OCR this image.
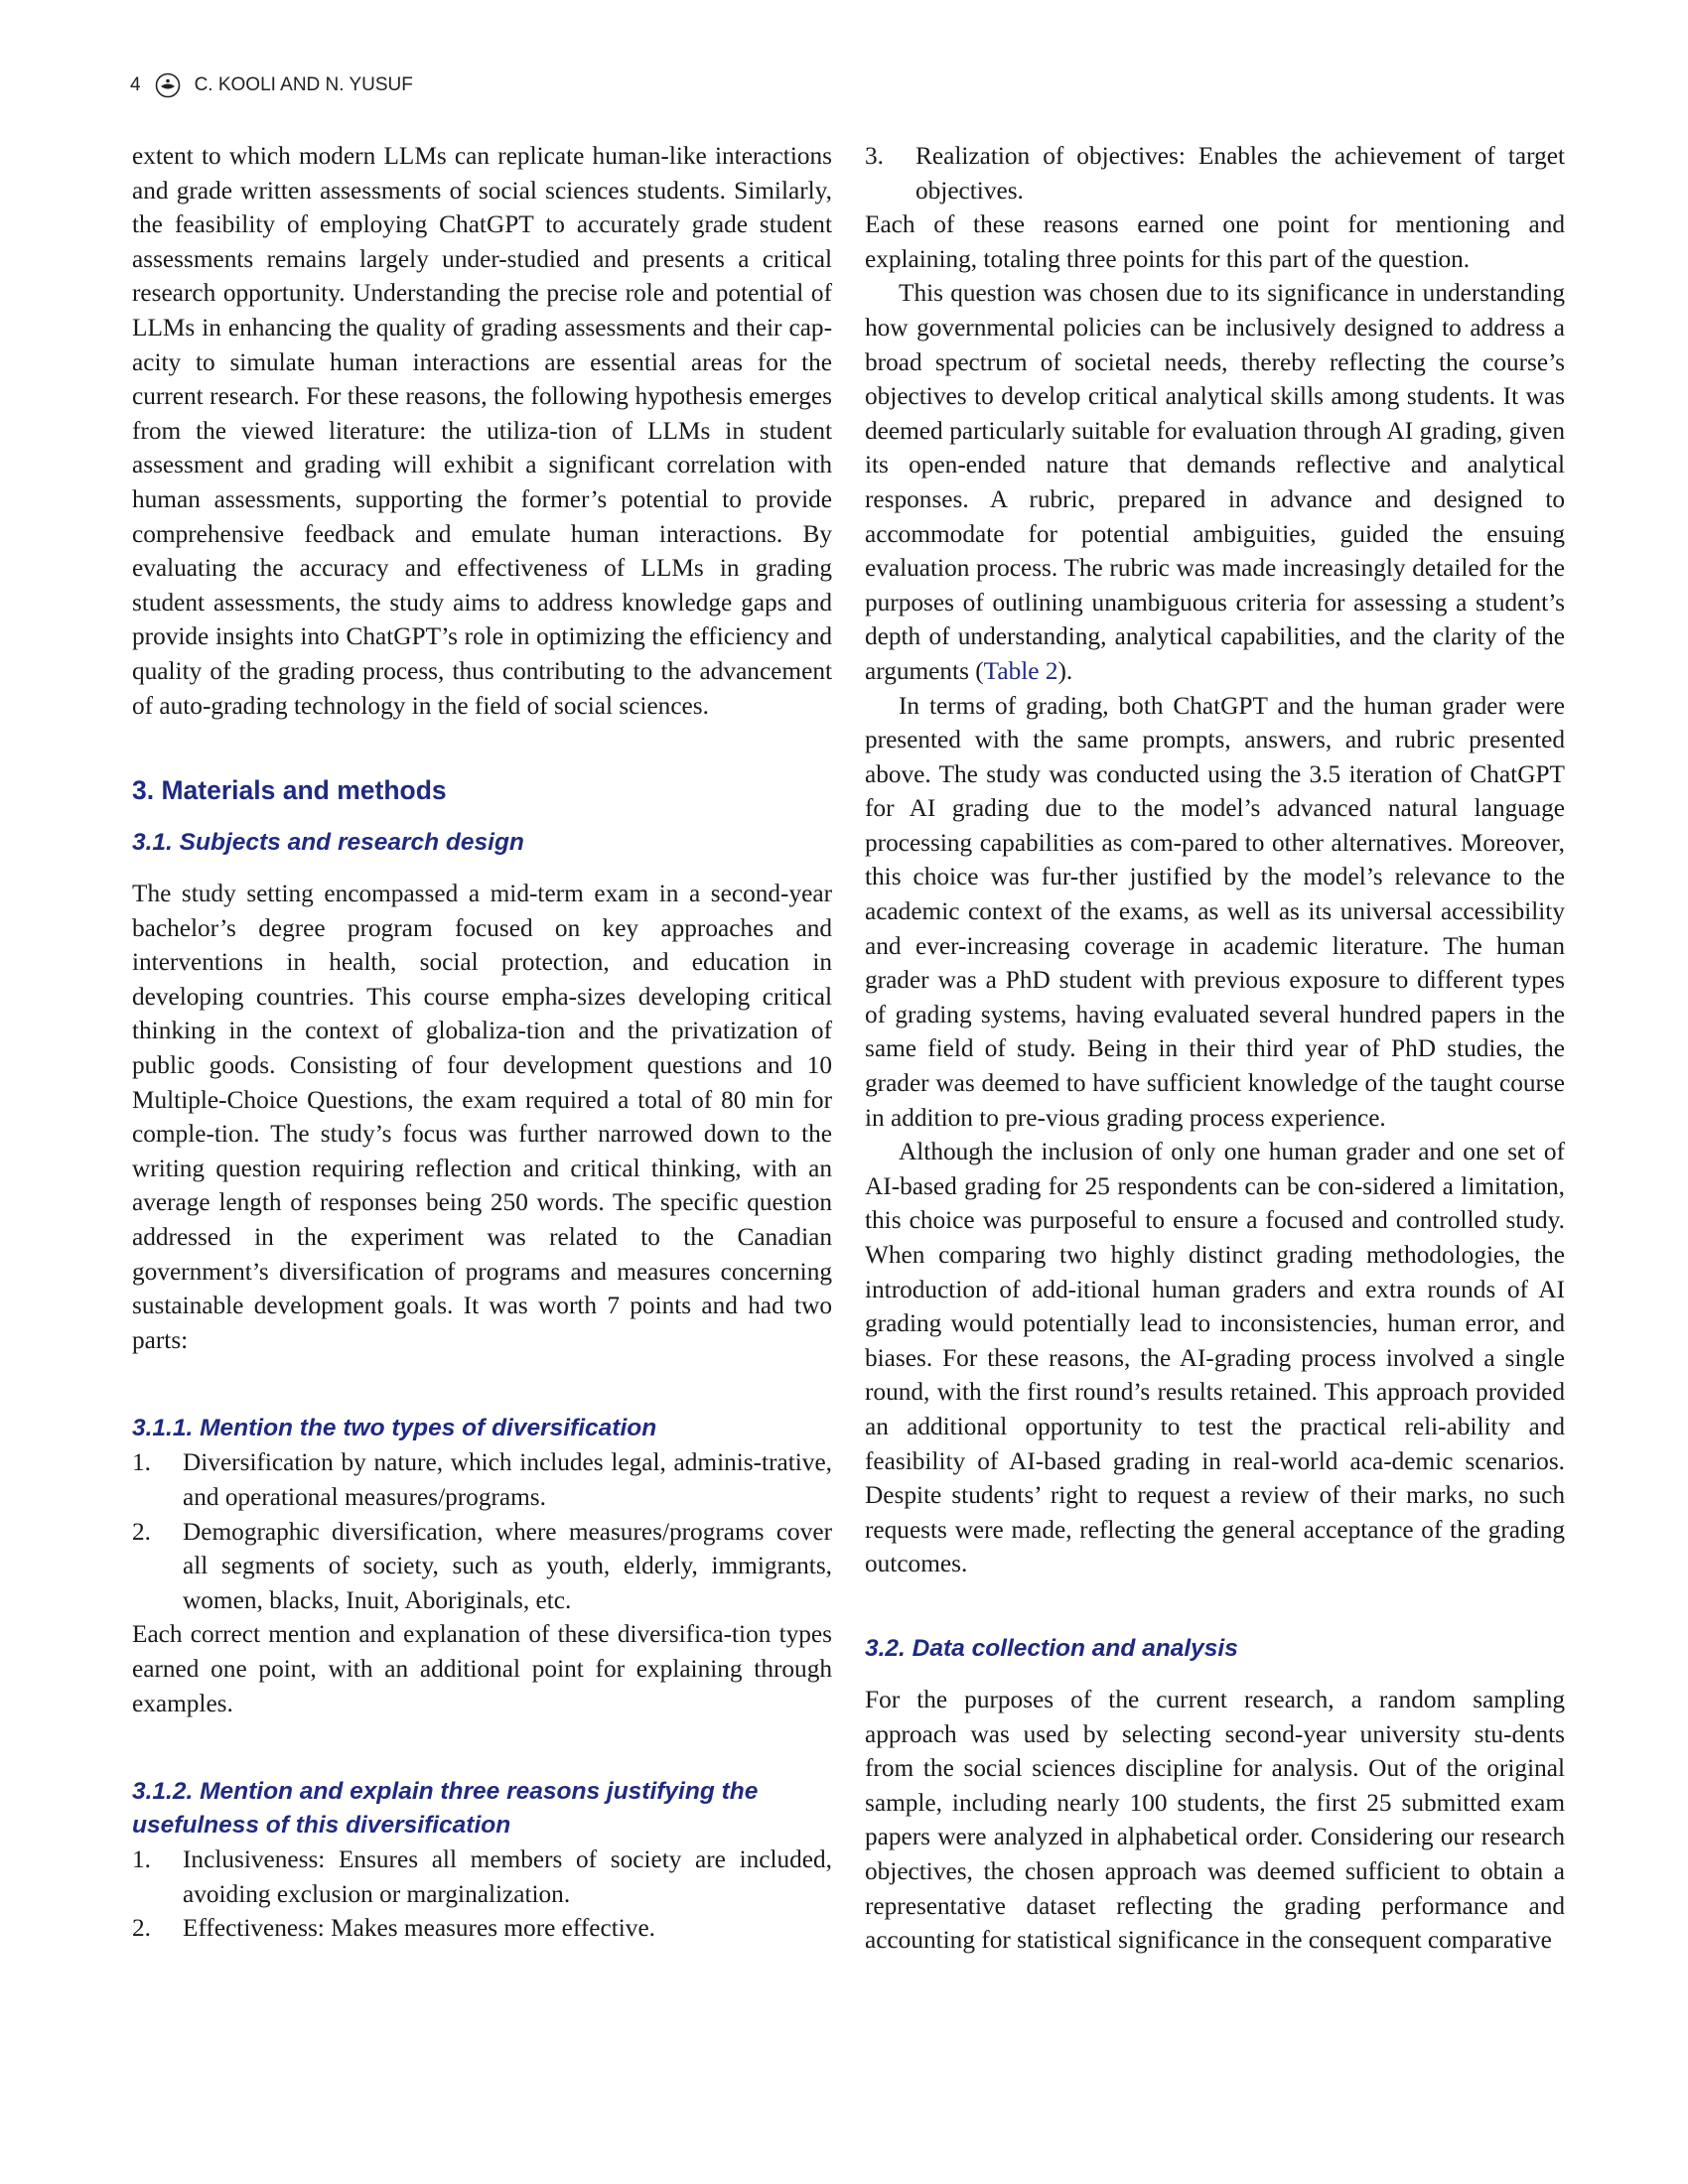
4	C. KOOLI AND N. YUSUF

extent to which modern LLMs can replicate human-like interactions and grade written assessments of social sciences students. Similarly, the feasibility of employing ChatGPT to accurately grade student assessments remains largely under-studied and presents a critical research opportunity. Understanding the precise role and potential of LLMs in enhancing the quality of grading assessments and their cap-acity to simulate human interactions are essential areas for the current research. For these reasons, the following hypothesis emerges from the viewed literature: the utiliza-tion of LLMs in student assessment and grading will exhibit a significant correlation with human assessments, supporting the former’s potential to provide comprehensive feedback and emulate human interactions. By evaluating the accuracy and effectiveness of LLMs in grading student assessments, the study aims to address knowledge gaps and provide insights into ChatGPT’s role in optimizing the efficiency and quality of the grading process, thus contributing to the advancement of auto-grading technology in the field of social sciences.

3. Materials and methods
3.1. Subjects and research design

The study setting encompassed a mid-term exam in a second-year bachelor’s degree program focused on key approaches and interventions in health, social protection, and education in developing countries. This course empha-sizes developing critical thinking in the context of globaliza-tion and the privatization of public goods. Consisting of four development questions and 10 Multiple-Choice Questions, the exam required a total of 80 min for comple-tion. The study’s focus was further narrowed down to the writing question requiring reflection and critical thinking, with an average length of responses being 250 words. The specific question addressed in the experiment was related to the Canadian government’s diversification of programs and measures concerning sustainable development goals. It was worth 7 points and had two parts:

3.1.1. Mention the two types of diversification
1.	Diversification by nature, which includes legal, adminis-trative, and operational measures/programs.
2.	Demographic diversification, where measures/programs cover all segments of society, such as youth, elderly, immigrants, women, blacks, Inuit, Aboriginals, etc.

Each correct mention and explanation of these diversifica-tion types earned one point, with an additional point for explaining through examples.

3.1.2. Mention and explain three reasons justifying the usefulness of this diversification
1.	Inclusiveness: Ensures all members of society are included, avoiding exclusion or marginalization.
2.	Effectiveness: Makes measures more effective.
3.	Realization of objectives: Enables the achievement of target objectives.

Each of these reasons earned one point for mentioning and explaining, totaling three points for this part of the question.

This question was chosen due to its significance in understanding how governmental policies can be inclusively designed to address a broad spectrum of societal needs, thereby reflecting the course’s objectives to develop critical analytical skills among students. It was deemed particularly suitable for evaluation through AI grading, given its open-ended nature that demands reflective and analytical responses. A rubric, prepared in advance and designed to accommodate for potential ambiguities, guided the ensuing evaluation process. The rubric was made increasingly detailed for the purposes of outlining unambiguous criteria for assessing a student’s depth of understanding, analytical capabilities, and the clarity of the arguments (Table 2).

In terms of grading, both ChatGPT and the human grader were presented with the same prompts, answers, and rubric presented above. The study was conducted using the 3.5 iteration of ChatGPT for AI grading due to the model’s advanced natural language processing capabilities as com-pared to other alternatives. Moreover, this choice was fur-ther justified by the model’s relevance to the academic context of the exams, as well as its universal accessibility and ever-increasing coverage in academic literature. The human grader was a PhD student with previous exposure to different types of grading systems, having evaluated several hundred papers in the same field of study. Being in their third year of PhD studies, the grader was deemed to have sufficient knowledge of the taught course in addition to pre-vious grading process experience.

Although the inclusion of only one human grader and one set of AI-based grading for 25 respondents can be con-sidered a limitation, this choice was purposeful to ensure a focused and controlled study. When comparing two highly distinct grading methodologies, the introduction of add-itional human graders and extra rounds of AI grading would potentially lead to inconsistencies, human error, and biases. For these reasons, the AI-grading process involved a single round, with the first round’s results retained. This approach provided an additional opportunity to test the practical reli-ability and feasibility of AI-based grading in real-world aca-demic scenarios. Despite students’ right to request a review of their marks, no such requests were made, reflecting the general acceptance of the grading outcomes.

3.2. Data collection and analysis

For the purposes of the current research, a random sampling approach was used by selecting second-year university stu-dents from the social sciences discipline for analysis. Out of the original sample, including nearly 100 students, the first 25 submitted exam papers were analyzed in alphabetical order. Considering our research objectives, the chosen approach was deemed sufficient to obtain a representative dataset reflecting the grading performance and accounting for statistical significance in the consequent comparative
